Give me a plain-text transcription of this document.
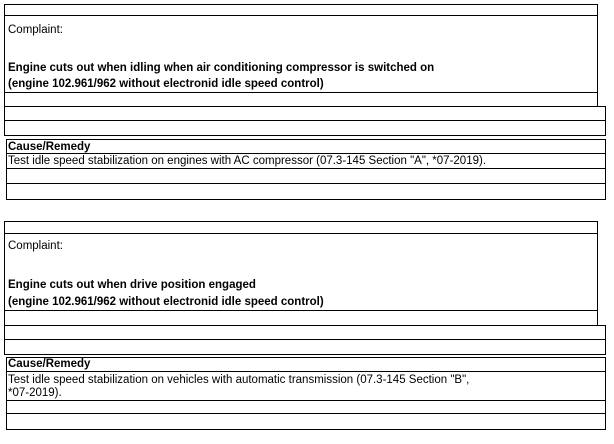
Complaint:
Engine cuts out when idling when air conditioning compressor is switched on
(engine 102.961/962 without electronid idle speed control)
Cause/Remedy
Test idle speed stabilization on engines with AC compressor (07.3-145 Section "A", *07-2019).
Complaint:
Engine cuts out when drive position engaged
(engine 102.961/962 without electronid idle speed control)
Cause/Remedy
Test idle speed stabilization on vehicles with automatic transmission (07.3-145 Section "B",
*07-2019).
